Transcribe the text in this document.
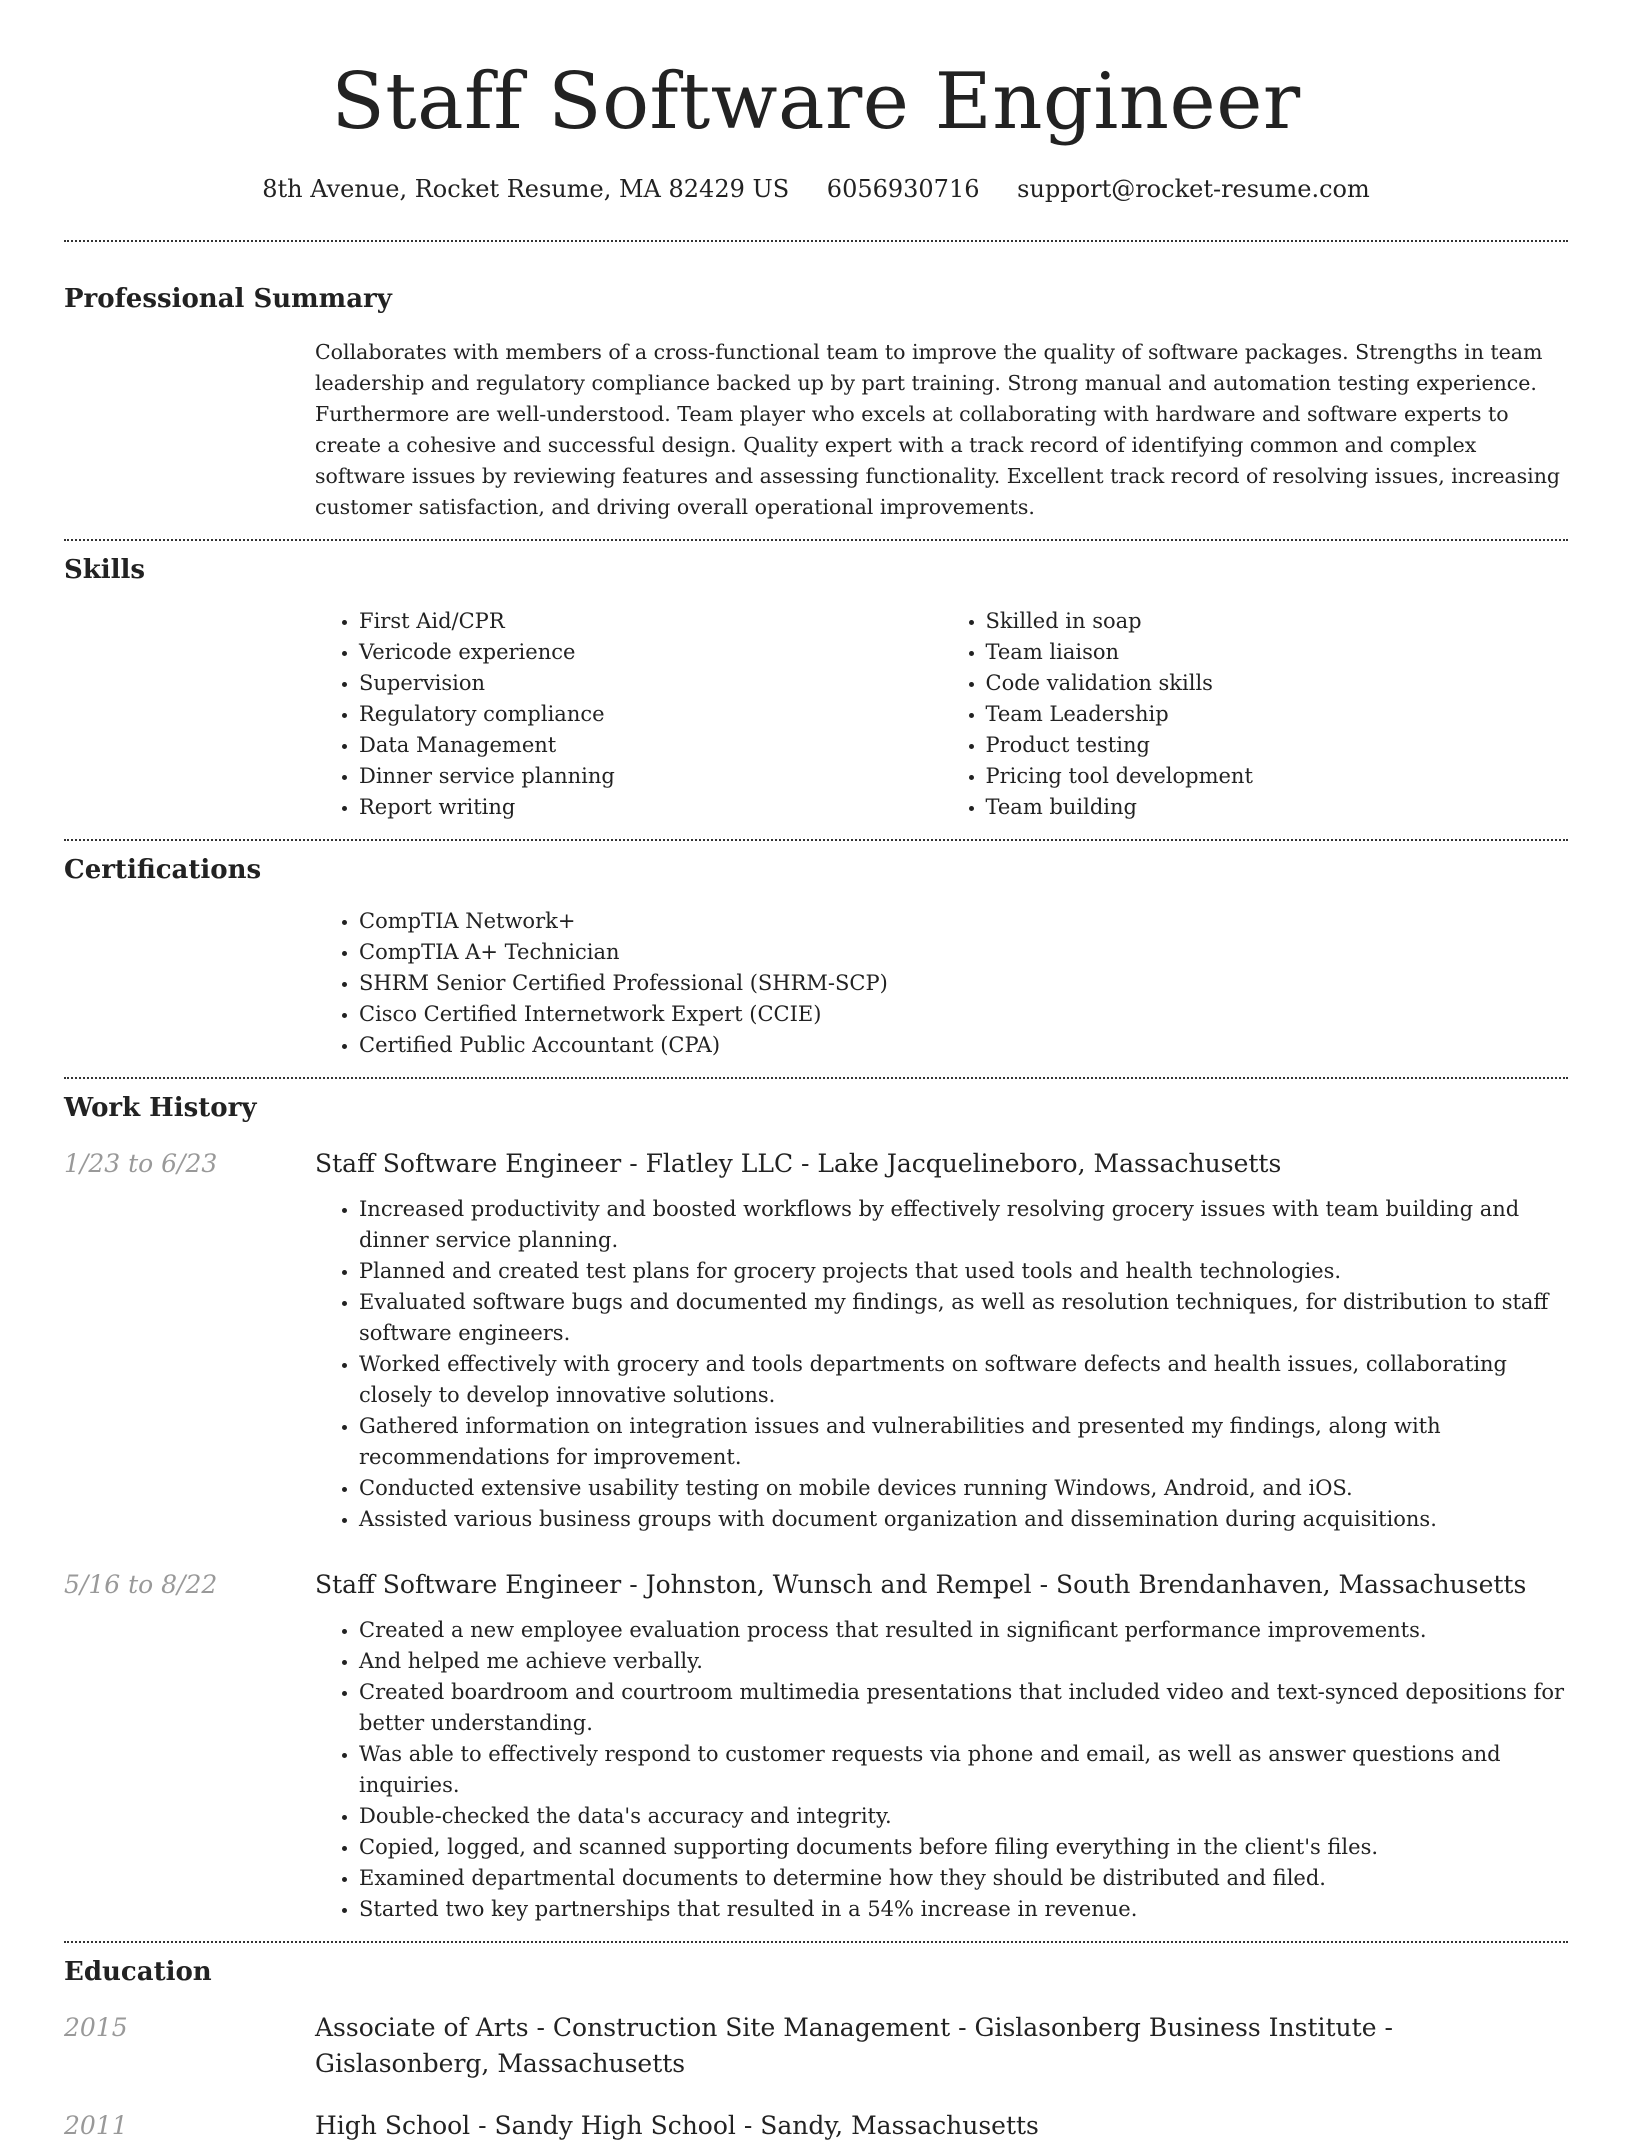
Staff Software Engineer
8th Avenue, Rocket Resume, MA 82429 US 6056930716 support@rocket-resume.com
Professional Summary

Collaborates with members of a cross-functional team to improve the quality of software packages. Strengths in team leadership and regulatory compliance backed up by part training. Strong manual and automation testing experience. Furthermore are well-understood. Team player who excels at collaborating with hardware and software experts to create a cohesive and successful design. Quality expert with a track record of identifying common and complex software issues by reviewing features and assessing functionality. Excellent track record of resolving issues, increasing customer satisfaction, and driving overall operational improvements.

Skills
• First Aid/CPR
• Vericode experience
• Supervision
• Regulatory compliance
• Data Management
• Dinner service planning
• Report writing
• Skilled in soap
• Team liaison
• Code validation skills
• Team Leadership
• Product testing
• Pricing tool development
• Team building
Certifications
• CompTIA Network+
• CompTIA A+ Technician
• SHRM Senior Certified Professional (SHRM-SCP)
• Cisco Certified Internetwork Expert (CCIE)
• Certified Public Accountant (CPA)
Work History
1/23 to 6/23	Staff Software Engineer - Flatley LLC - Lake Jacquelineboro, Massachusetts
• Increased productivity and boosted workflows by effectively resolving grocery issues with team building and dinner service planning.
• Planned and created test plans for grocery projects that used tools and health technologies.
• Evaluated software bugs and documented my findings, as well as resolution techniques, for distribution to staff software engineers.
• Worked effectively with grocery and tools departments on software defects and health issues, collaborating closely to develop innovative solutions.
• Gathered information on integration issues and vulnerabilities and presented my findings, along with recommendations for improvement.
• Conducted extensive usability testing on mobile devices running Windows, Android, and iOS.
• Assisted various business groups with document organization and dissemination during acquisitions.
5/16 to 8/22	Staff Software Engineer - Johnston, Wunsch and Rempel - South Brendanhaven, Massachusetts
• Created a new employee evaluation process that resulted in significant performance improvements.
• And helped me achieve verbally.
• Created boardroom and courtroom multimedia presentations that included video and text-synced depositions for better understanding.
• Was able to effectively respond to customer requests via phone and email, as well as answer questions and inquiries.
• Double-checked the data's accuracy and integrity.
• Copied, logged, and scanned supporting documents before filing everything in the client's files.
• Examined departmental documents to determine how they should be distributed and filed.
• Started two key partnerships that resulted in a 54% increase in revenue.
Education
2015	Associate of Arts - Construction Site Management - Gislasonberg Business Institute - Gislasonberg, Massachusetts
2011	High School - Sandy High School - Sandy, Massachusetts
